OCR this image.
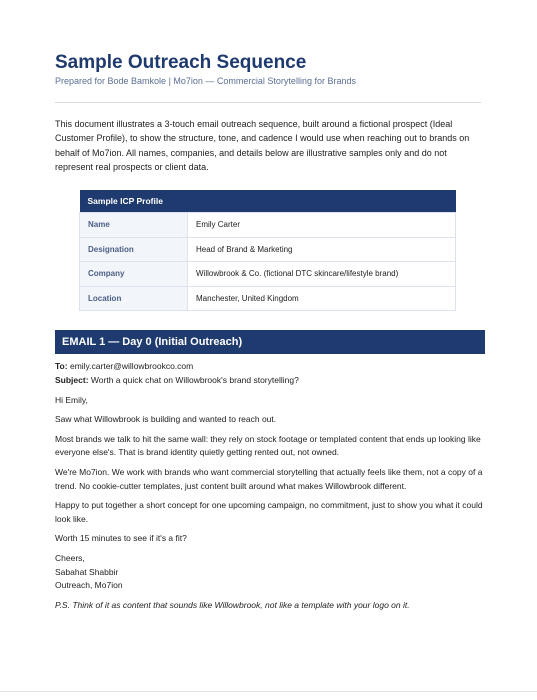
Sample Outreach Sequence
Prepared for Bode Bamkole | Mo7ion — Commercial Storytelling for Brands
This document illustrates a 3-touch email outreach sequence, built around a fictional prospect (Ideal Customer Profile), to show the structure, tone, and cadence I would use when reaching out to brands on behalf of Mo7ion. All names, companies, and details below are illustrative samples only and do not represent real prospects or client data.
Sample ICP Profile	
Name	Emily Carter
Designation	Head of Brand & Marketing
Company	Willowbrook & Co. (fictional DTC skincare/lifestyle brand)
Location	Manchester, United Kingdom
EMAIL 1 — Day 0 (Initial Outreach)
To: emily.carter@willowbrookco.com
Subject: Worth a quick chat on Willowbrook's brand storytelling?

Hi Emily,

Saw what Willowbrook is building and wanted to reach out.

Most brands we talk to hit the same wall: they rely on stock footage or templated content that ends up looking like everyone else's. That is brand identity quietly getting rented out, not owned.

We're Mo7ion. We work with brands who want commercial storytelling that actually feels like them, not a copy of a trend. No cookie-cutter templates, just content built around what makes Willowbrook different.

Happy to put together a short concept for one upcoming campaign, no commitment, just to show you what it could look like.

Worth 15 minutes to see if it's a fit?

Cheers,
Sabahat Shabbir
Outreach, Mo7ion

P.S. Think of it as content that sounds like Willowbrook, not like a template with your logo on it.
